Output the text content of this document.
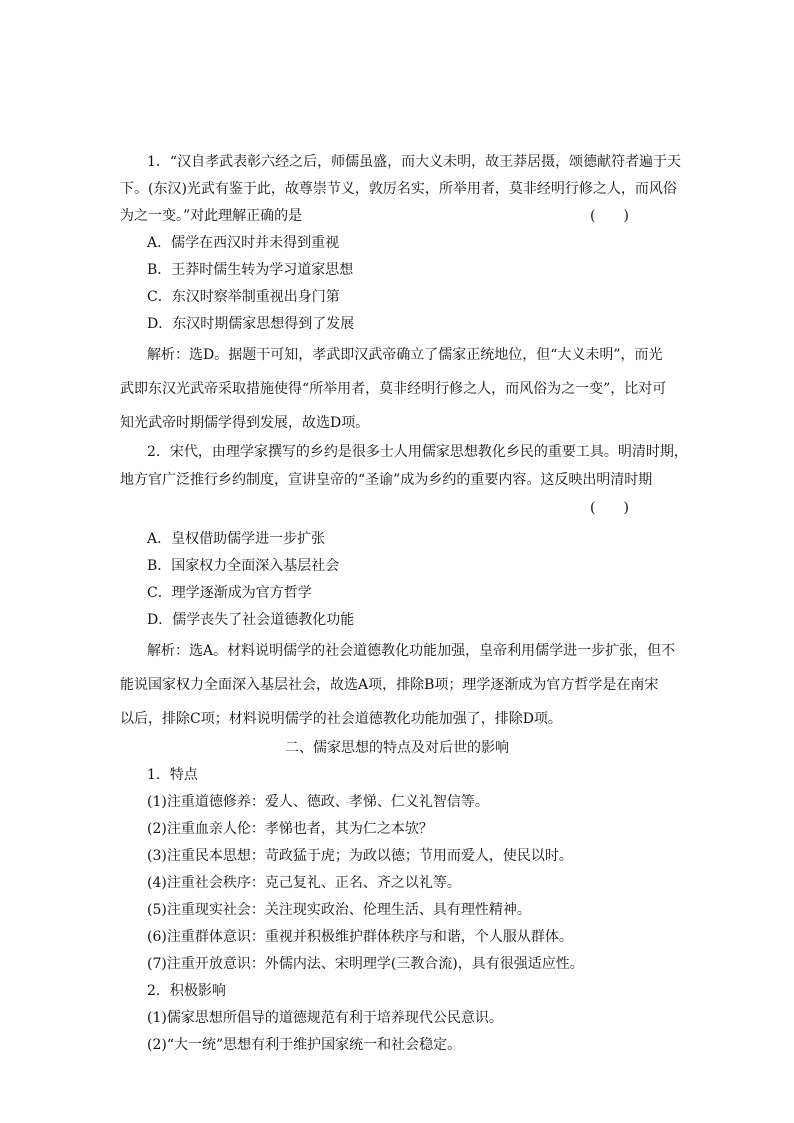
1．“汉自孝武表彰六经之后，师儒虽盛，而大义未明，故王莽居摄，颂德献符者遍于天
下。(东汉)光武有鉴于此，故尊崇节义，敦厉名实，所举用者，莫非经明行修之人，而风俗
为之一变。”对此理解正确的是	(　　)
A．儒学在西汉时并未得到重视
B．王莽时儒生转为学习道家思想
C．东汉时察举制重视出身门第
D．东汉时期儒家思想得到了发展
解析：选D。据题干可知，孝武即汉武帝确立了儒家正统地位，但“大义未明”，而光
武即东汉光武帝采取措施使得“所举用者，莫非经明行修之人，而风俗为之一变”，比对可
知光武帝时期儒学得到发展，故选D项。
2．宋代，由理学家撰写的乡约是很多士人用儒家思想教化乡民的重要工具。明清时期，
地方官广泛推行乡约制度，宣讲皇帝的“圣谕”成为乡约的重要内容。这反映出明清时期
(　　)
A．皇权借助儒学进一步扩张
B．国家权力全面深入基层社会
C．理学逐渐成为官方哲学
D．儒学丧失了社会道德教化功能
解析：选A。材料说明儒学的社会道德教化功能加强，皇帝利用儒学进一步扩张，但不
能说国家权力全面深入基层社会，故选A项，排除B项；理学逐渐成为官方哲学是在南宋
以后，排除C项；材料说明儒学的社会道德教化功能加强了，排除D项。
二、儒家思想的特点及对后世的影响
1．特点
(1)注重道德修养：爱人、德政、孝悌、仁义礼智信等。
(2)注重血亲人伦：孝悌也者，其为仁之本欤？
(3)注重民本思想：苛政猛于虎；为政以德；节用而爱人，使民以时。
(4)注重社会秩序：克己复礼、正名、齐之以礼等。
(5)注重现实社会：关注现实政治、伦理生活、具有理性精神。
(6)注重群体意识：重视并积极维护群体秩序与和谐，个人服从群体。
(7)注重开放意识：外儒内法、宋明理学(三教合流)，具有很强适应性。
2．积极影响
(1)儒家思想所倡导的道德规范有利于培养现代公民意识。
(2)“大一统”思想有利于维护国家统一和社会稳定。
